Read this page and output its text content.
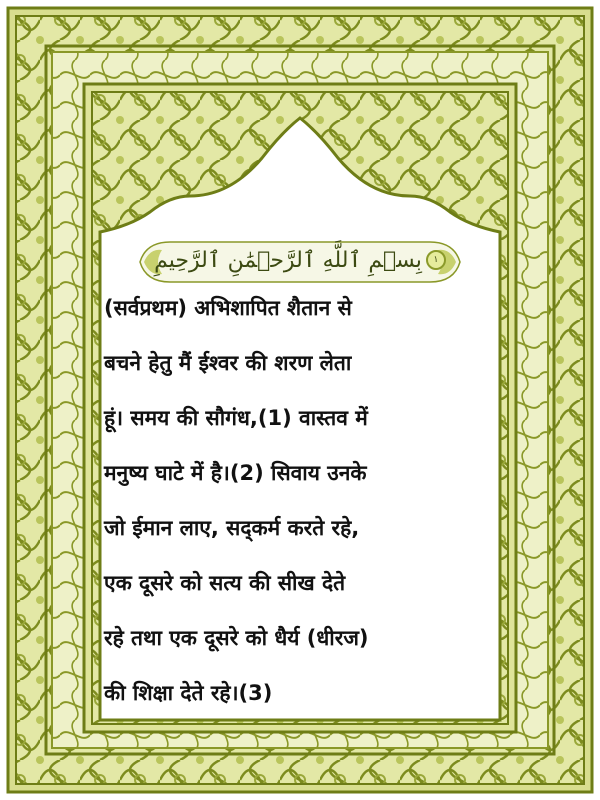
بِسۡمِ ٱللَّهِ ٱلرَّحۡمَٰنِ ٱلرَّحِيمِ	١
(सर्वप्रथम) अभिशापित शैतान से
बचने हेतु मैं ईश्वर की शरण लेता
हूं। समय की सौगंध,(1) वास्तव में
मनुष्य घाटे में है।(2) सिवाय उनके
जो ईमान लाए, सद्कर्म करते रहे,
एक दूसरे को सत्य की सीख देते
रहे तथा एक दूसरे को धैर्य (धीरज)
की शिक्षा देते रहे।(3)
